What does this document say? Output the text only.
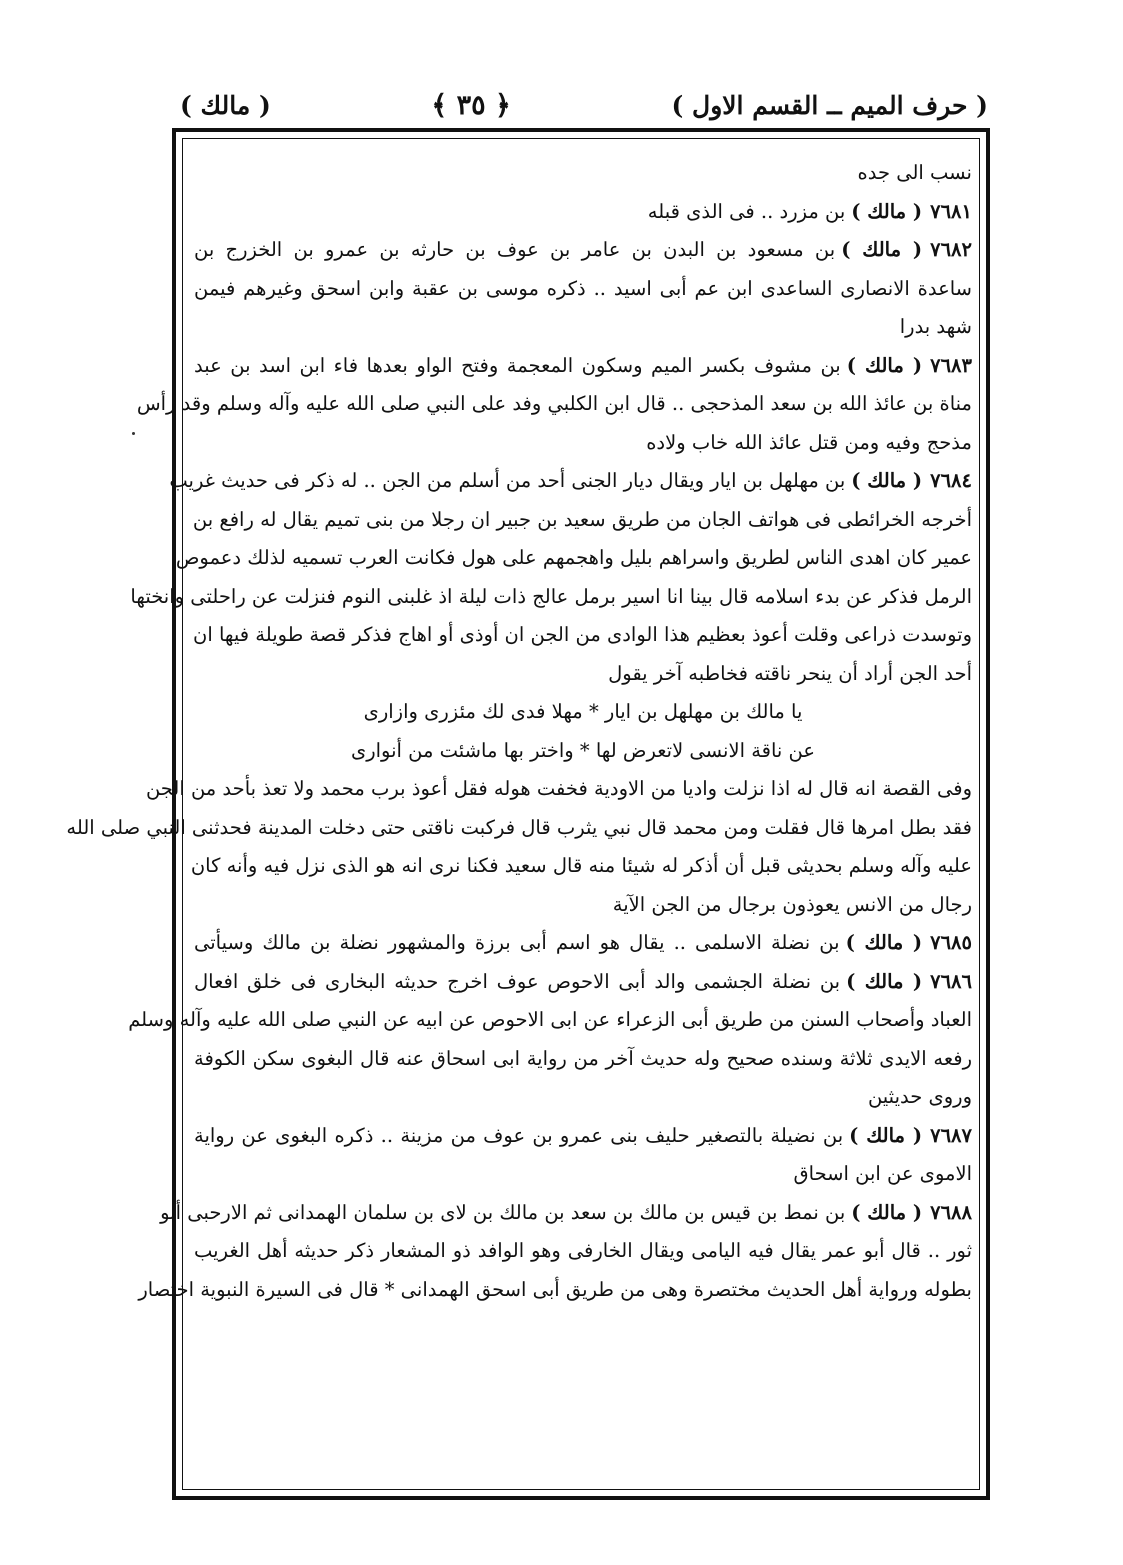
( حرف الميم ــ القسم الاول )
﴿ ٣٥ ﴾
( مالك )
نسب الى جده
٧٦٨١( مالك )بن مزرد .. فى الذى قبله
٧٦٨٢( مالك )بن مسعود بن البدن بن عامر بن عوف بن حارثه بن عمرو بن الخزرج بن
ساعدة الانصارى الساعدى ابن عم أبى اسيد .. ذكره موسى بن عقبة وابن اسحق وغيرهم فيمن
شهد بدرا
٧٦٨٣( مالك )بن مشوف بكسر الميم وسكون المعجمة وفتح الواو بعدها فاء ابن اسد بن عبد
مناة بن عائذ الله بن سعد المذحجى .. قال ابن الكلبي وفد على النبي صلى الله عليه وآله وسلم وقد رأس
مذحج وفيه ومن قتل عائذ الله خاب ولاده
٧٦٨٤( مالك )بن مهلهل بن ايار ويقال ديار الجنى أحد من أسلم من الجن .. له ذكر فى حديث غريب
أخرجه الخرائطى فى هواتف الجان من طريق سعيد بن جبير ان رجلا من بنى تميم يقال له رافع بن
عمير كان اهدى الناس لطريق واسراهم بليل واهجمهم على هول فكانت العرب تسميه لذلك دعموص
الرمل فذكر عن بدء اسلامه قال بينا انا اسير برمل عالج ذات ليلة اذ غلبنى النوم فنزلت عن راحلتى وانختها
وتوسدت ذراعى وقلت أعوذ بعظيم هذا الوادى من الجن ان أوذى أو اهاج فذكر قصة طويلة فيها ان
أحد الجن أراد أن ينحر ناقته فخاطبه آخر يقول
يا مالك بن مهلهل بن ايار * مهلا فدى لك مئزرى وازارى
عن ناقة الانسى لاتعرض لها * واختر بها ماشئت من أنوارى
وفى القصة انه قال له اذا نزلت واديا من الاودية فخفت هوله فقل أعوذ برب محمد ولا تعذ بأحد من الجن
فقد بطل امرها قال فقلت ومن محمد قال نبي يثرب قال فركبت ناقتى حتى دخلت المدينة فحدثنى النبي صلى الله
عليه وآله وسلم بحديثى قبل أن أذكر له شيئا منه قال سعيد فكنا نرى انه هو الذى نزل فيه وأنه كان
رجال من الانس يعوذون برجال من الجن الآية
٧٦٨٥( مالك )بن نضلة الاسلمى .. يقال هو اسم أبى برزة والمشهور نضلة بن مالك وسيأتى
٧٦٨٦( مالك )بن نضلة الجشمى والد أبى الاحوص عوف اخرج حديثه البخارى فى خلق افعال
العباد وأصحاب السنن من طريق أبى الزعراء عن ابى الاحوص عن ابيه عن النبي صلى الله عليه وآله وسلم
رفعه الايدى ثلاثة وسنده صحيح وله حديث آخر من رواية ابى اسحاق عنه قال البغوى سكن الكوفة
وروى حديثين
٧٦٨٧( مالك )بن نضيلة بالتصغير حليف بنى عمرو بن عوف من مزينة .. ذكره البغوى عن رواية
الاموى عن ابن اسحاق
٧٦٨٨( مالك )بن نمط بن قيس بن مالك بن سعد بن مالك بن لاى بن سلمان الهمدانى ثم الارحبى أبو
ثور .. قال أبو عمر يقال فيه اليامى ويقال الخارفى وهو الوافد ذو المشعار ذكر حديثه أهل الغريب
بطوله ورواية أهل الحديث مختصرة وهى من طريق أبى اسحق الهمدانى * قال فى السيرة النبوية اختصار
